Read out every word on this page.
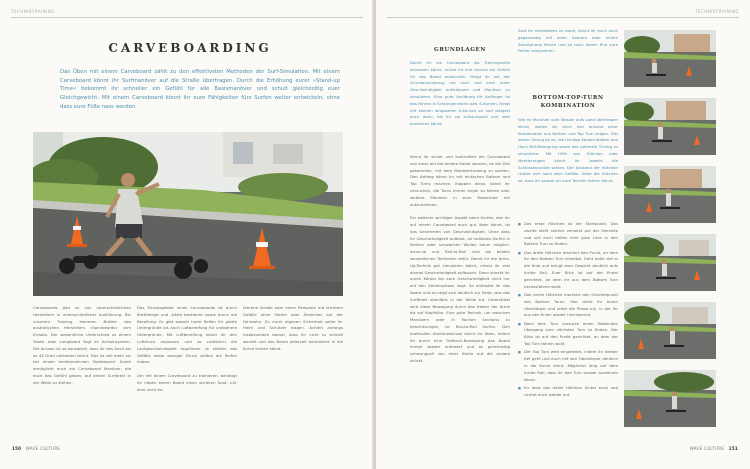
TECHNIKTRAINING
CARVEBOARDING
Das Üben mit einem Carveboard zählt zu den effektivsten Methoden der Surf-Simulation. Mit einem Carveboard könnt ihr Surfmanöver auf die Straße übertragen. Durch die Erhöhung eurer »Stand-up Time« bekommt ihr schneller ein Gefühl für alle Basismanöver und schult gleichzeitig euer Gleichgewicht. Mit einem Carveboard könnt ihr eure Fähigkeiten fürs Surfen weiter entwickeln, ohne dass eure Füße nass werden.
Carveboards gibt es von unterschiedlichen Herstellern in unterschiedlicher Ausführung. Bei unserem Training kommen Bretter des australischen Herstellers »Sonnbeards« zum Einsatz. Der wesentliche Unterschied zu einem Skate- oder Longboard liegt im Achsensystem. Die Achsen ist so konzipiert, dass ihr das Deck bis zu 45 Grad umkanten könnt. Das ist viel mehr als bei einem herkömmlichen Skateboard. Somit ermöglicht euch ein Carveboard Manöver, die euch das Gefühl geben, auf einem Surfbrett in der Welle zu stehen.
Das Einsatzgebiet eines Carveboards ist durch Bretthänge und -härte bestimmt sowie durch die Bereifung. Es gibt sowohl harte Reifen für glatte Untergründe als auch Luftbereifung für unebenere Untergründe. Mit Luftbereifung könnt ihr den Luftdruck anpassen und so zusätzlich die Laufgeschwindigkeit regulieren. Je stärker das Gefälle desto weniger Druck sollten die Reifen haben.

Um mit einem Carveboard zu trainieren, benötigt ihr neben einem Board einen sicheren Spot, z.B. eine nicht be-
fahrene Straße oder einen Parkplatz mit leichtem Gefälle ohne Steine oder Ähnliches auf der Fahrbahn. Zu eurer eigenen Sicherheit sollte ihr Helm und Schützer tragen. Achten anfangs insbesondere darauf, dass ihr nicht zu schnell werdet und das Board jederzeit kontrolliert in die Kurve lenken könnt.
150 WAVE CULTURE
TECHNIKTRAINING
GRUNDLAGEN
Damit ihr ein Carveboard als Trainingshilfe einsetzen könnt, müsst ihr erst einmal ein Gefühl für das Board entwickeln. Fängt ihr mit der Grundausrüstung, um nach und nach mehr Geschwindigkeit aufzubauen und Manöver zu simulieren. Eine gute Vorübung für Anfänger ist das Fahren in Schlangenlinien bzw. S-Kurven. Fangt mit kleinen langsamen S-Kurven an und steigert euch dann, bis ihr sie schwungvoll und weit ausfahren könnt.
Könnt ihr sicher und kontrolliert ein Carveboard von einer auf die andere Kante steuern, ist die Zeit gekommen, mit dem Manövertraining zu starten. Den Anfang könnt ihr mit einfachen Bottom und Top Turns machen. Klappen diese, könnt ihr versuchen, die Turns immer enger zu fahren oder weitere Manöver in euer Repertoire mit aufzunehmen.

Ein weiterer wichtiger Aspekt beim Surfen, den ihr auf einem Carveboard auch gut üben könnt, ist das Generieren von Geschwindigkeit. Ohne dass ihr Geschwindigkeit aufbaut, ist radikales Surfen in kleinen oder schwachen Wellen kaum möglich. Arms-up und Rail-to-Rail sind die beiden wesentlichen Techniken dafür. Damit ihr die Arms-Up-Technik gut simulieren könnt, müsst ihr erst einmal Geschwindigkeit aufbauen. Dann streckt ihr euren Körper bis eure Geschwindigkeit nicht nur auf den Zehenspitzen liegt. So entlastet ihr das Board und es neigt sich deutlich zur Seite, was das Surfbrett ebenfalls in der Welle tut. Unterstützt wird diese Bewegung durch das Heben der Arme bis auf Kopfhöhe. Eine gute Technik, um zwischen Manövern oder in flachen Sections zu beschleunigen, ist Rail-to-Rail Surfen. Den kraftvollen Kantenwechsel könnt ihr üben, indem ihr durch eine Tiefhoch-Bewegung das Board immer wieder entlastet und es gleichzeitig schwungvoll von einer Kante auf die andere drückt.
Seid ihr mindestens zu zweit, könnt ihr euch auch gegenseitig mit einer Kamera oder einem Smartphone filmen und so nach jedem Run eure Fehler analysieren.
BOTTOM-TOP-TURN KOMBINATION
Wie ihr Manöver vom Wasser aufs Land übertragen könnt, wollen wir euch hier anhand einer Kombination aus Bottom und Top Turn zeigen. Ziel dieser Übung ist es, die richtige Körperrotation und Hoch-Tief-Bewegung sowie das optimale Timing zu simulieren. Mit Hilfe von Hütchen oder Markierungen könnt ihr jeweils die Schlüsselpunkte setzen. Der Abstand der Hütchen richtet sich nach dem Gefälle. Setzt die Hütchen so, dass ihr sauber an eure Technik fahren könnt.
■ Das erste Hütchen ist der Startpunkt. Das zweite steht seitlich versetzt auf der Seeseite und soll euch helfen eine gute Linie in den Bottom Turn zu finden.
■ Das dritte Hütchen markiert den Punkt, an dem ihr den Bottom Turn einleitet. Geht dafür tief in die Knie und bringt euer Gewicht deutlich aufs Inside Rail. Euer Blick ist auf der Punkt gerichtet, an dem ihr aus dem Bottom Turn herausfahren wollt.
■ Das vierte Hütchen markiert den Scheitelpunkt des Bottom Turns. Hier dreht ihr euren Oberkörper und leitet die Phase ein, in der ihr aus den Knien wieder hochkommt.
■ Nach dem Turn versucht einen fließenden Übergang zum nächsten Turn zu finden. Der Blick ist auf den Punkt gerichtet, an dem der Top Turn fahren wollt.
■ Der Top Turn wird eingeleitet, indem ihr wieder tief geht und euch mit den Oberkörper deutlich in die Kurve lehnt. Möglichst lang auf dem Inside Rail, dass ihr den Turn sauber ausfahren könnt.
■ Ihr lasst das letzte Hütchen hinter euch und richtet euch wieder auf.
WAVE CULTURE 151
